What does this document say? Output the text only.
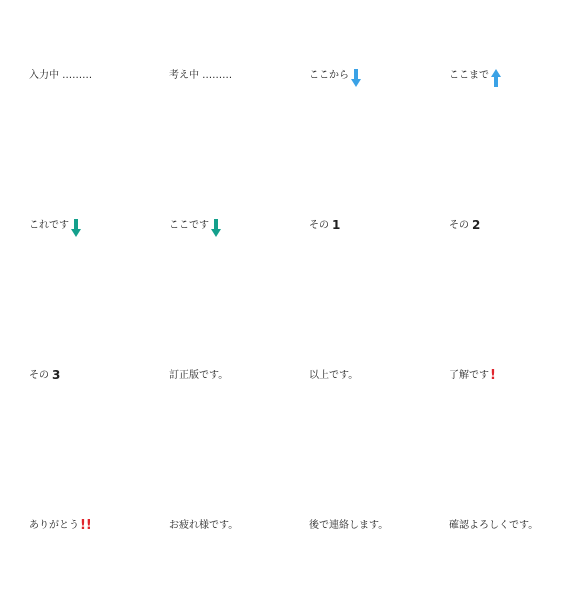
入力中 ………	考え中 ………	ここから	ここまで
これです	ここです	その 1	その 2
その 3	訂正版です。	以上です。	了解です !
ありがとう !!	お疲れ様です。	後で連絡します。	確認よろしくです。
